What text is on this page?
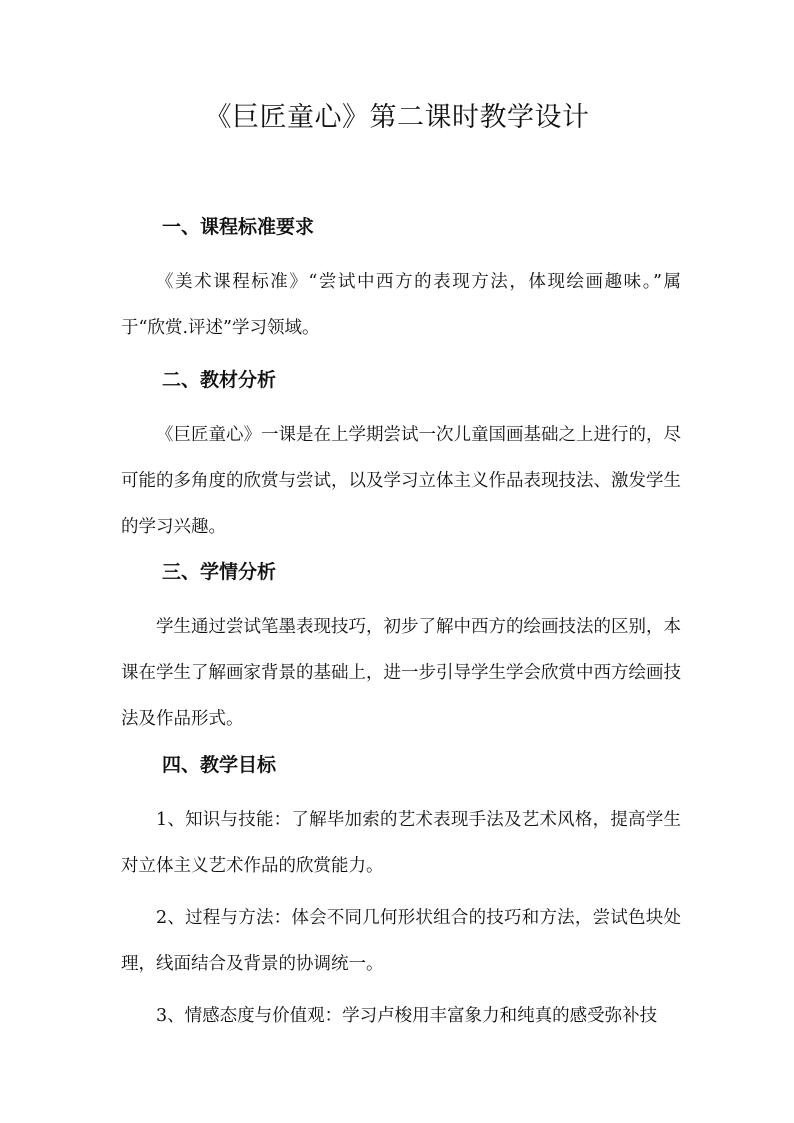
《巨匠童心》第二课时教学设计
一、课程标准要求

《美术课程标准》“尝试中西方的表现方法，体现绘画趣味。”属于“欣赏.评述”学习领域。

二、教材分析

《巨匠童心》一课是在上学期尝试一次儿童国画基础之上进行的，尽可能的多角度的欣赏与尝试，以及学习立体主义作品表现技法、激发学生的学习兴趣。

三、学情分析

学生通过尝试笔墨表现技巧，初步了解中西方的绘画技法的区别，本课在学生了解画家背景的基础上，进一步引导学生学会欣赏中西方绘画技法及作品形式。

四、教学目标

1、知识与技能：了解毕加索的艺术表现手法及艺术风格，提高学生对立体主义艺术作品的欣赏能力。

2、过程与方法：体会不同几何形状组合的技巧和方法，尝试色块处理，线面结合及背景的协调统一。

3、情感态度与价值观：学习卢梭用丰富象力和纯真的感受弥补技
